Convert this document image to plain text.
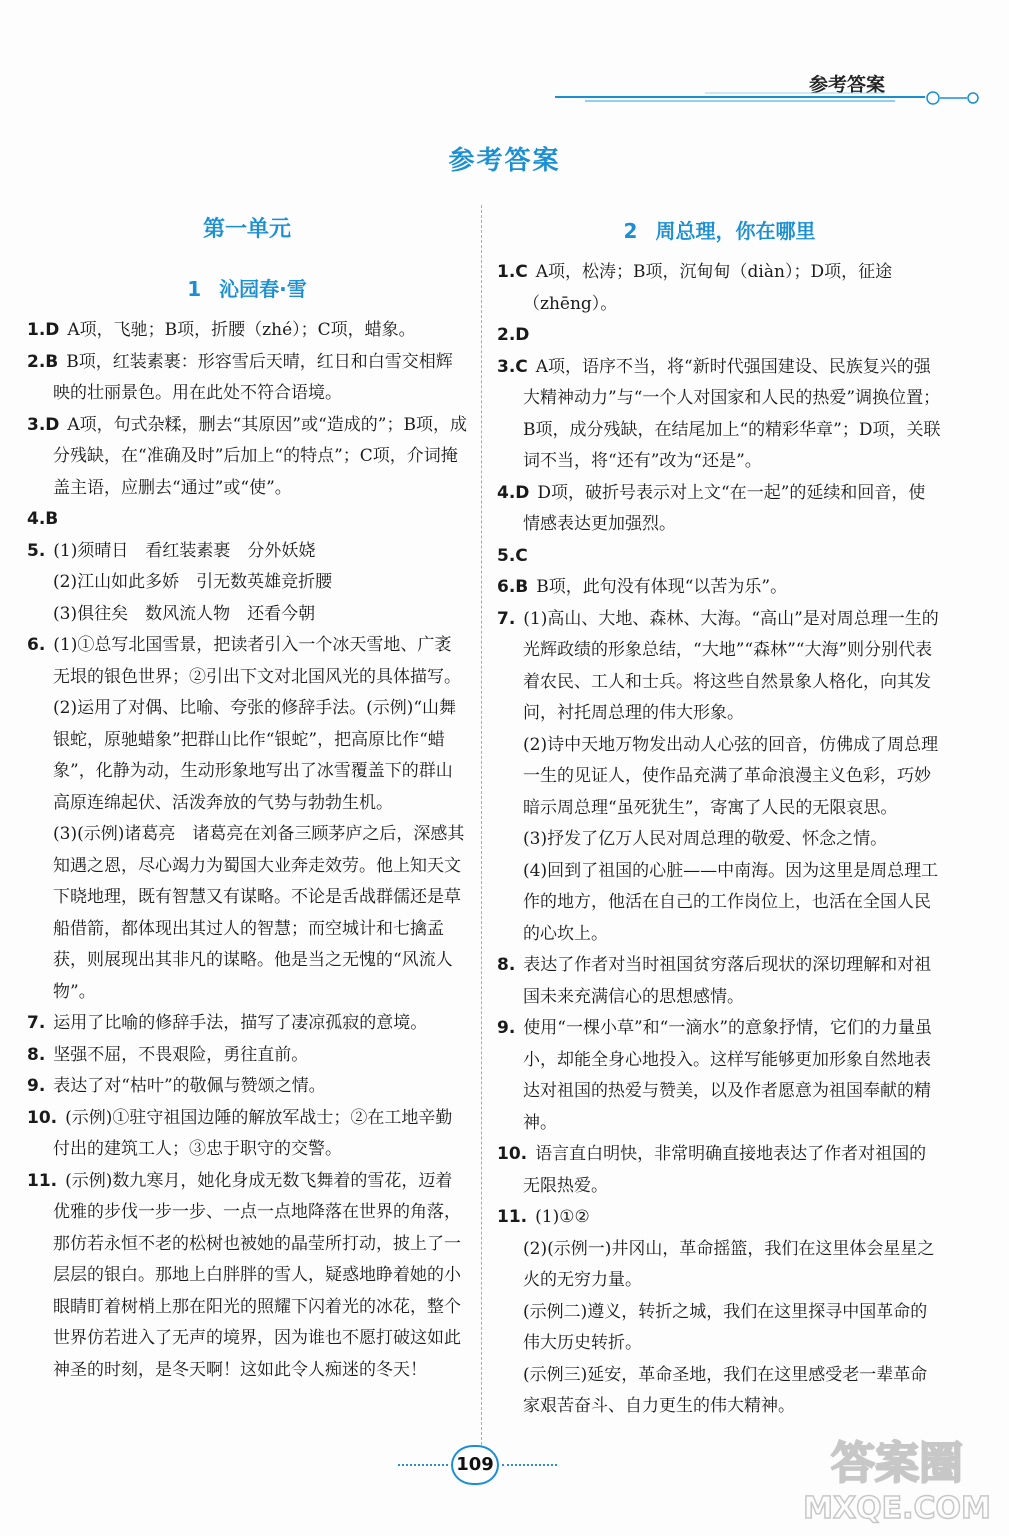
参考答案
参考答案
第一单元
1 沁园春·雪
1.D A项，飞驰；B项，折腰（zhé）；C项，蜡象。
2.B B项，红装素裹：形容雪后天晴，红日和白雪交相辉映的壮丽景色。用在此处不符合语境。
3.D A项，句式杂糅，删去“其原因”或“造成的”；B项，成分残缺，在“准确及时”后加上“的特点”；C项，介词掩盖主语，应删去“通过”或“使”。
4.B
5. (1)须晴日　看红装素裹　分外妖娆
(2)江山如此多娇　引无数英雄竞折腰
(3)俱往矣　数风流人物　还看今朝
6. (1)①总写北国雪景，把读者引入一个冰天雪地、广袤无垠的银色世界；②引出下文对北国风光的具体描写。
(2)运用了对偶、比喻、夸张的修辞手法。(示例)“山舞银蛇，原驰蜡象”把群山比作“银蛇”，把高原比作“蜡象”，化静为动，生动形象地写出了冰雪覆盖下的群山高原连绵起伏、活泼奔放的气势与勃勃生机。
(3)(示例)诸葛亮　诸葛亮在刘备三顾茅庐之后，深感其知遇之恩，尽心竭力为蜀国大业奔走效劳。他上知天文下晓地理，既有智慧又有谋略。不论是舌战群儒还是草船借箭，都体现出其过人的智慧；而空城计和七擒孟获，则展现出其非凡的谋略。他是当之无愧的“风流人物”。
7. 运用了比喻的修辞手法，描写了凄凉孤寂的意境。
8. 坚强不屈，不畏艰险，勇往直前。
9. 表达了对“枯叶”的敬佩与赞颂之情。
10. (示例)①驻守祖国边陲的解放军战士；②在工地辛勤付出的建筑工人；③忠于职守的交警。
11. (示例)数九寒月，她化身成无数飞舞着的雪花，迈着优雅的步伐一步一步、一点一点地降落在世界的角落，那仿若永恒不老的松树也被她的晶莹所打动，披上了一层层的银白。那地上白胖胖的雪人，疑惑地睁着她的小眼睛盯着树梢上那在阳光的照耀下闪着光的冰花，整个世界仿若进入了无声的境界，因为谁也不愿打破这如此神圣的时刻，是冬天啊！这如此令人痴迷的冬天！
2 周总理，你在哪里
1.C A项，松涛；B项，沉甸甸（diàn）；D项，征途（zhēng）。
2.D
3.C A项，语序不当，将“新时代强国建设、民族复兴的强大精神动力”与“一个人对国家和人民的热爱”调换位置；B项，成分残缺，在结尾加上“的精彩华章”；D项，关联词不当，将“还有”改为“还是”。
4.D D项，破折号表示对上文“在一起”的延续和回音，使情感表达更加强烈。
5.C
6.B B项，此句没有体现“以苦为乐”。
7. (1)高山、大地、森林、大海。“高山”是对周总理一生的光辉政绩的形象总结，“大地”“森林”“大海”则分别代表着农民、工人和士兵。将这些自然景象人格化，向其发问，衬托周总理的伟大形象。
(2)诗中天地万物发出动人心弦的回音，仿佛成了周总理一生的见证人，使作品充满了革命浪漫主义色彩，巧妙暗示周总理“虽死犹生”，寄寓了人民的无限哀思。
(3)抒发了亿万人民对周总理的敬爱、怀念之情。
(4)回到了祖国的心脏——中南海。因为这里是周总理工作的地方，他活在自己的工作岗位上，也活在全国人民的心坎上。
8. 表达了作者对当时祖国贫穷落后现状的深切理解和对祖国未来充满信心的思想感情。
9. 使用“一棵小草”和“一滴水”的意象抒情，它们的力量虽小，却能全身心地投入。这样写能够更加形象自然地表达对祖国的热爱与赞美，以及作者愿意为祖国奉献的精神。
10. 语言直白明快，非常明确直接地表达了作者对祖国的无限热爱。
11. (1)①②
(2)(示例一)井冈山，革命摇篮，我们在这里体会星星之火的无穷力量。
(示例二)遵义，转折之城，我们在这里探寻中国革命的伟大历史转折。
(示例三)延安，革命圣地，我们在这里感受老一辈革命家艰苦奋斗、自力更生的伟大精神。
109	答案圈
MXQE.COM
